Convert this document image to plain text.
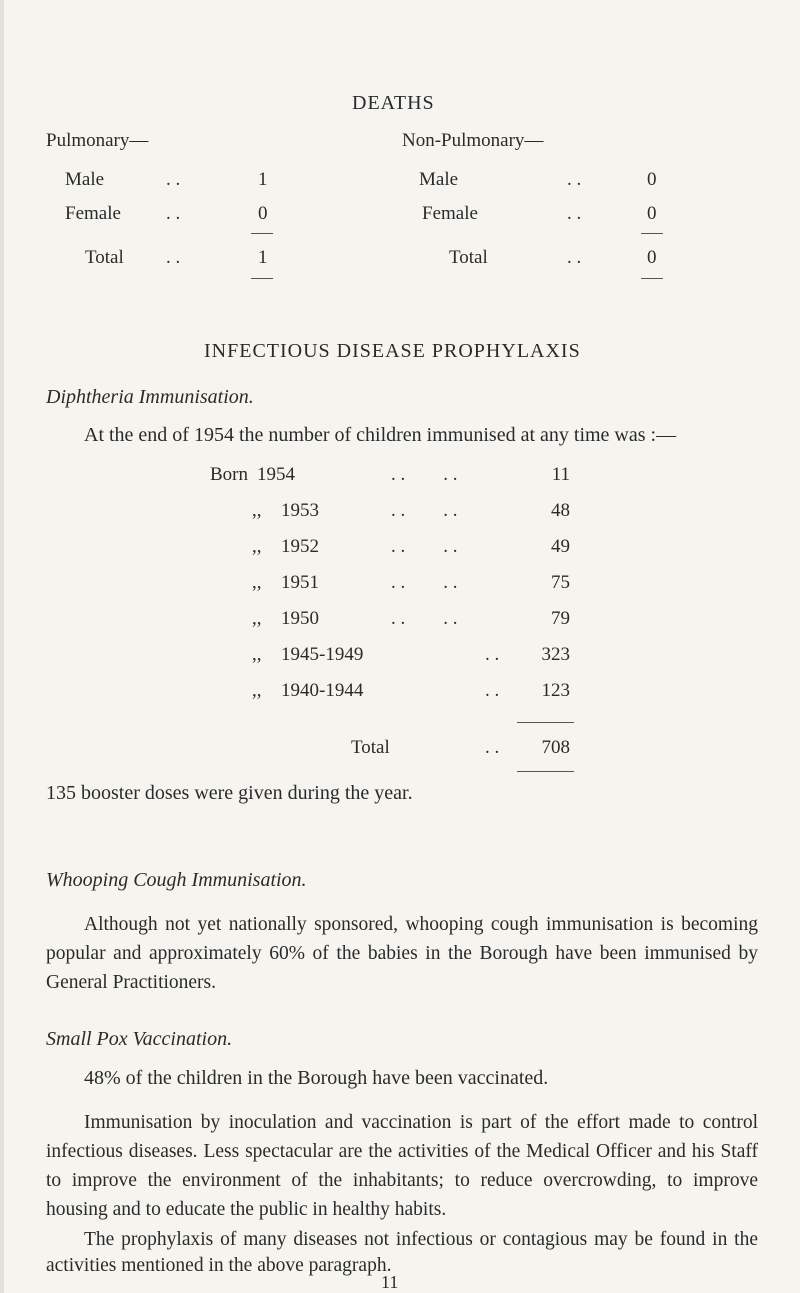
DEATHS
Pulmonary—	Non-Pulmonary—
Male	. .	1
Female . .	0
Total . .	1
Male	. .	0
Female	. .	0
Total	. .	0
INFECTIOUS DISEASE PROPHYLAXIS
Diphtheria Immunisation.
At the end of 1954 the number of children immunised at any time was :—
Born 1954	. .        . .	11
,, 1953	. .        . .	48
,, 1952	. .        . .	49
,, 1951	. .        . .	75
,, 1950	. .        . .	79
,, 1945-1949	. .	323
,, 1940-1944	. .	123
Total	. .	708
135 booster doses were given during the year.
Whooping Cough Immunisation.
Although not yet nationally sponsored, whooping cough immunisation is becoming popular and approximately 60% of the babies in the Borough have been immunised by General Practitioners.
Small Pox Vaccination.
48% of the children in the Borough have been vaccinated.
Immunisation by inoculation and vaccination is part of the effort made to control infectious diseases. Less spectacular are the activities of the Medical Officer and his Staff to improve the environment of the inhabitants; to reduce overcrowding, to improve housing and to educate the public in healthy habits.
The prophylaxis of many diseases not infectious or contagious may be found in the activities mentioned in the above paragraph.
11
